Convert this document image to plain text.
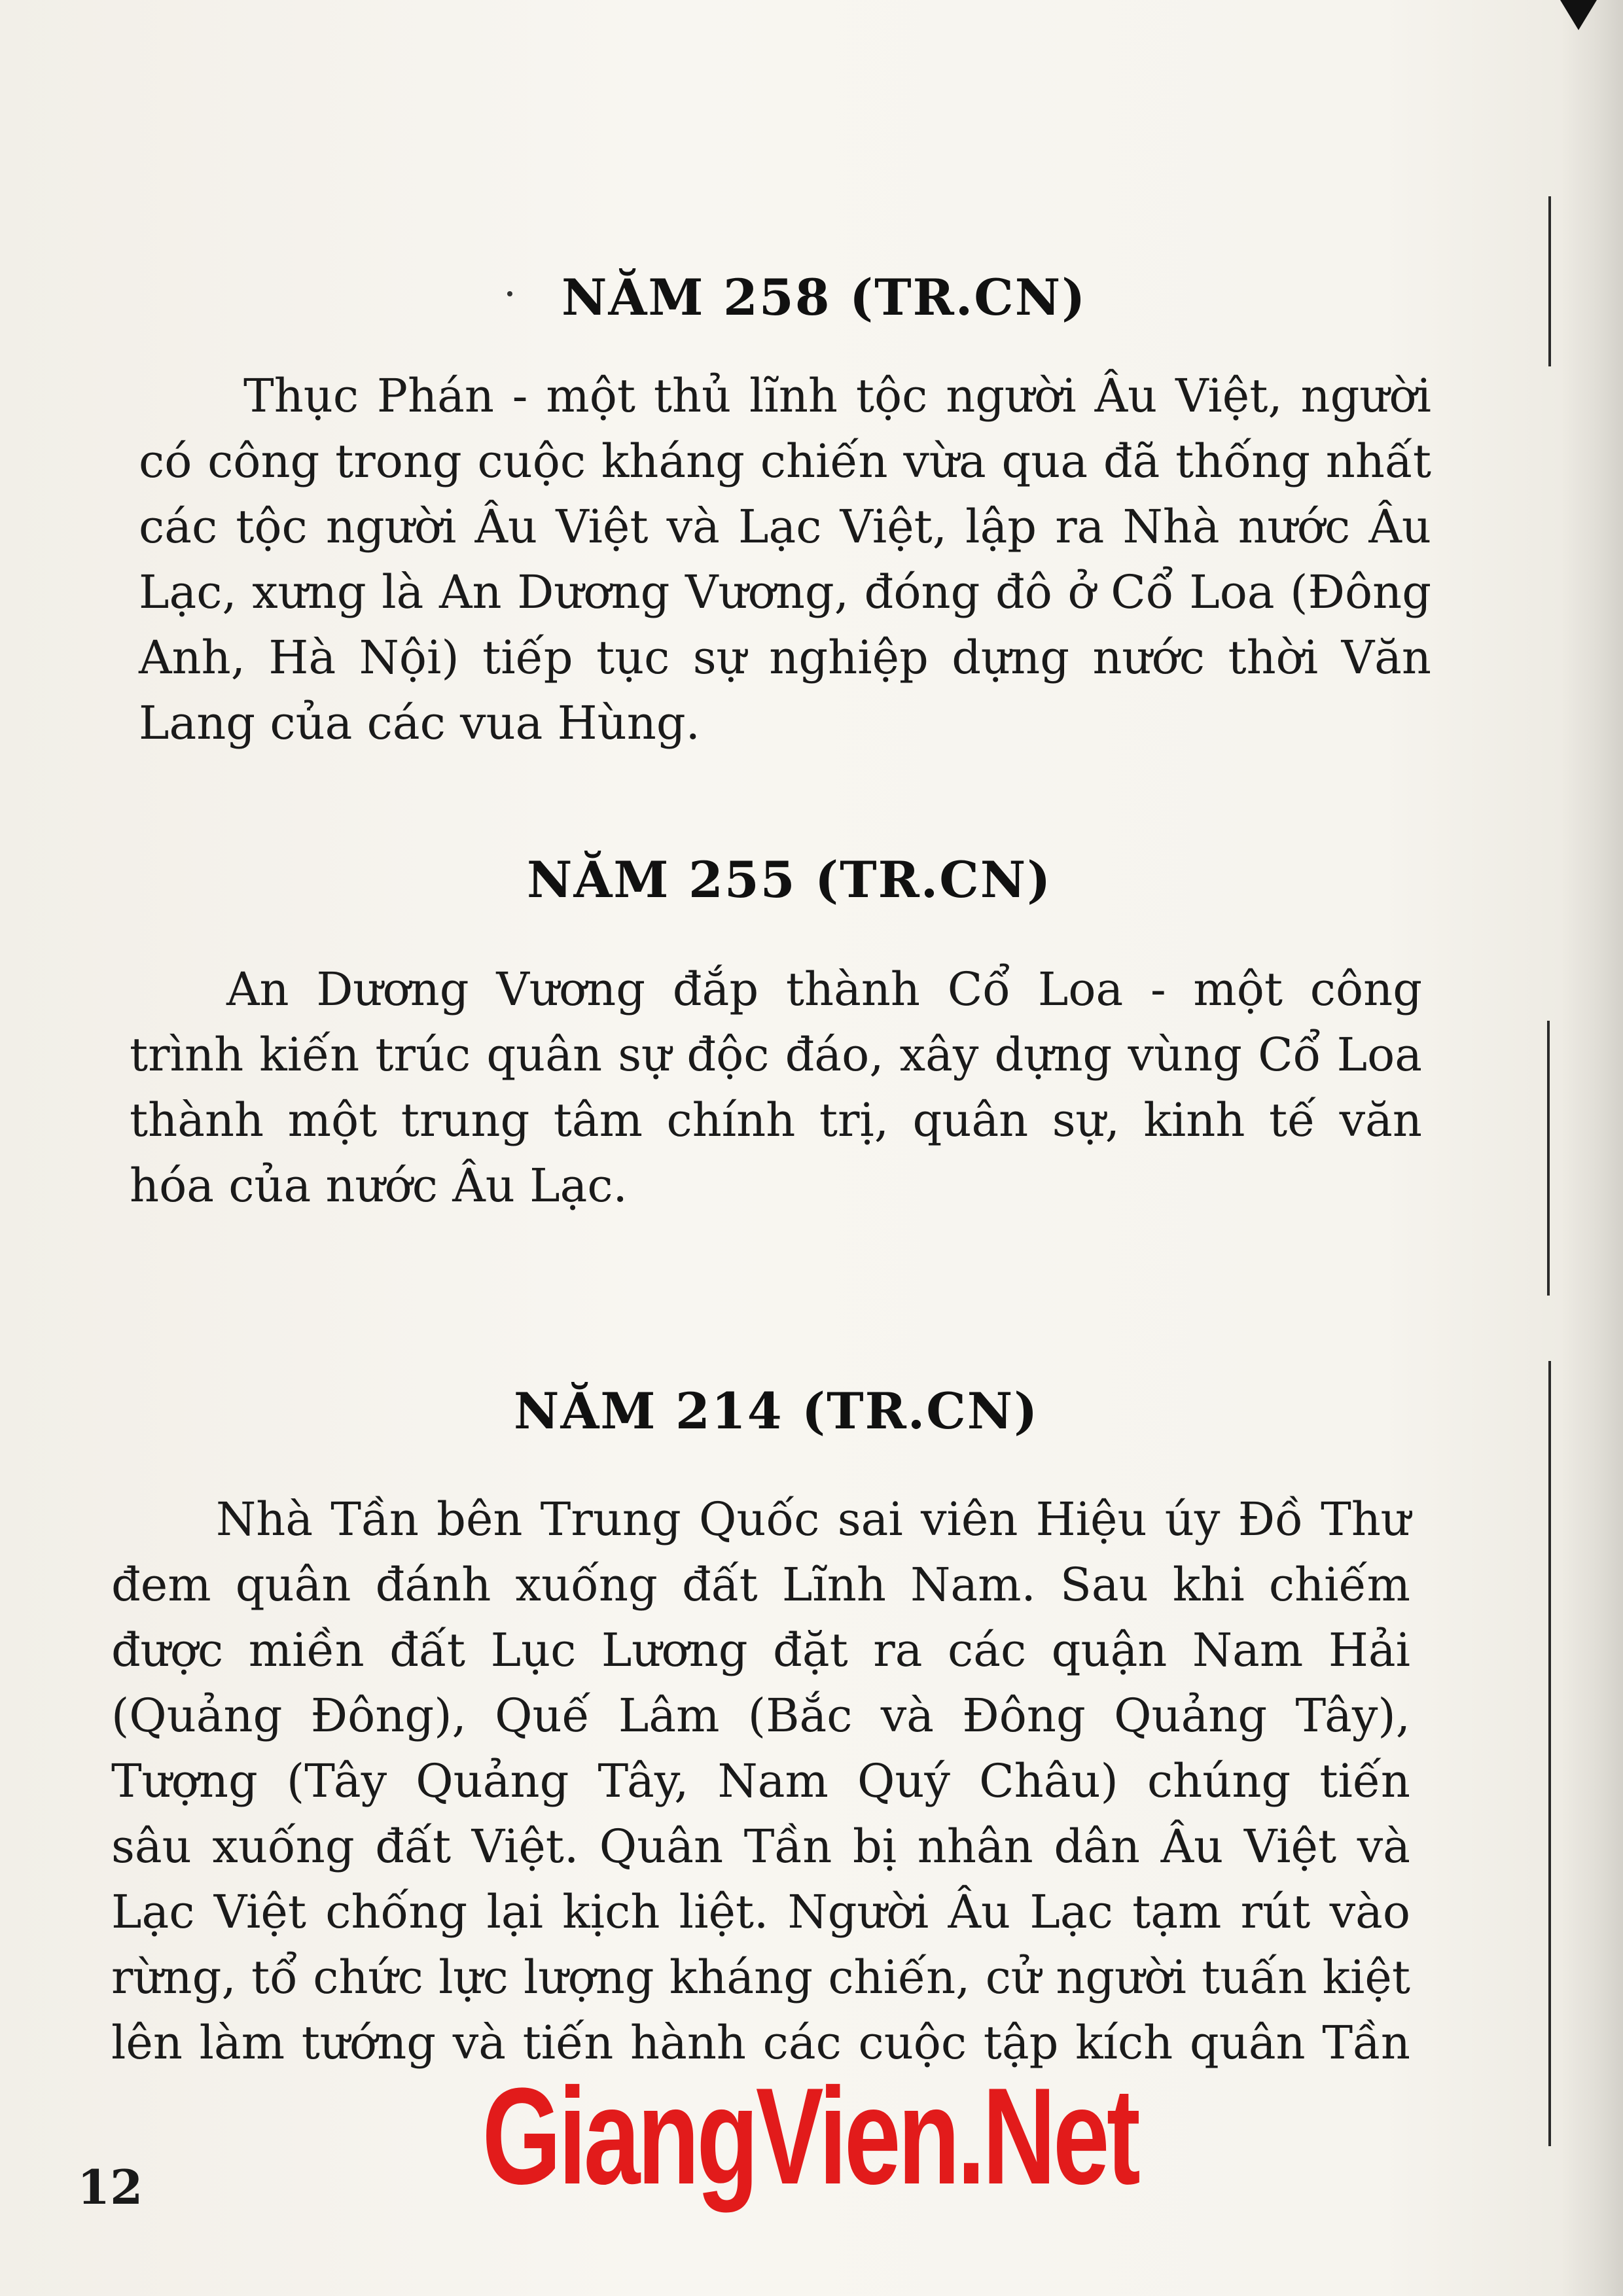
NĂM 258 (TR.CN)
Thục Phán - một thủ lĩnh tộc người Âu Việt, người
có công trong cuộc kháng chiến vừa qua đã thống nhất
các tộc người Âu Việt và Lạc Việt, lập ra Nhà nước Âu
Lạc, xưng là An Dương Vương, đóng đô ở Cổ Loa (Đông
Anh, Hà Nội) tiếp tục sự nghiệp dựng nước thời Văn
Lang của các vua Hùng.
NĂM 255 (TR.CN)
An Dương Vương đắp thành Cổ Loa - một công
trình kiến trúc quân sự độc đáo, xây dựng vùng Cổ Loa
thành một trung tâm chính trị, quân sự, kinh tế văn
hóa của nước Âu Lạc.
NĂM 214 (TR.CN)
Nhà Tần bên Trung Quốc sai viên Hiệu úy Đồ Thư
đem quân đánh xuống đất Lĩnh Nam. Sau khi chiếm
được miền đất Lục Lương đặt ra các quận Nam Hải
(Quảng Đông), Quế Lâm (Bắc và Đông Quảng Tây),
Tượng (Tây Quảng Tây, Nam Quý Châu) chúng tiến
sâu xuống đất Việt. Quân Tần bị nhân dân Âu Việt và
Lạc Việt chống lại kịch liệt. Người Âu Lạc tạm rút vào
rừng, tổ chức lực lượng kháng chiến, cử người tuấn kiệt
lên làm tướng và tiến hành các cuộc tập kích quân Tần
12 GiangVien.Net
